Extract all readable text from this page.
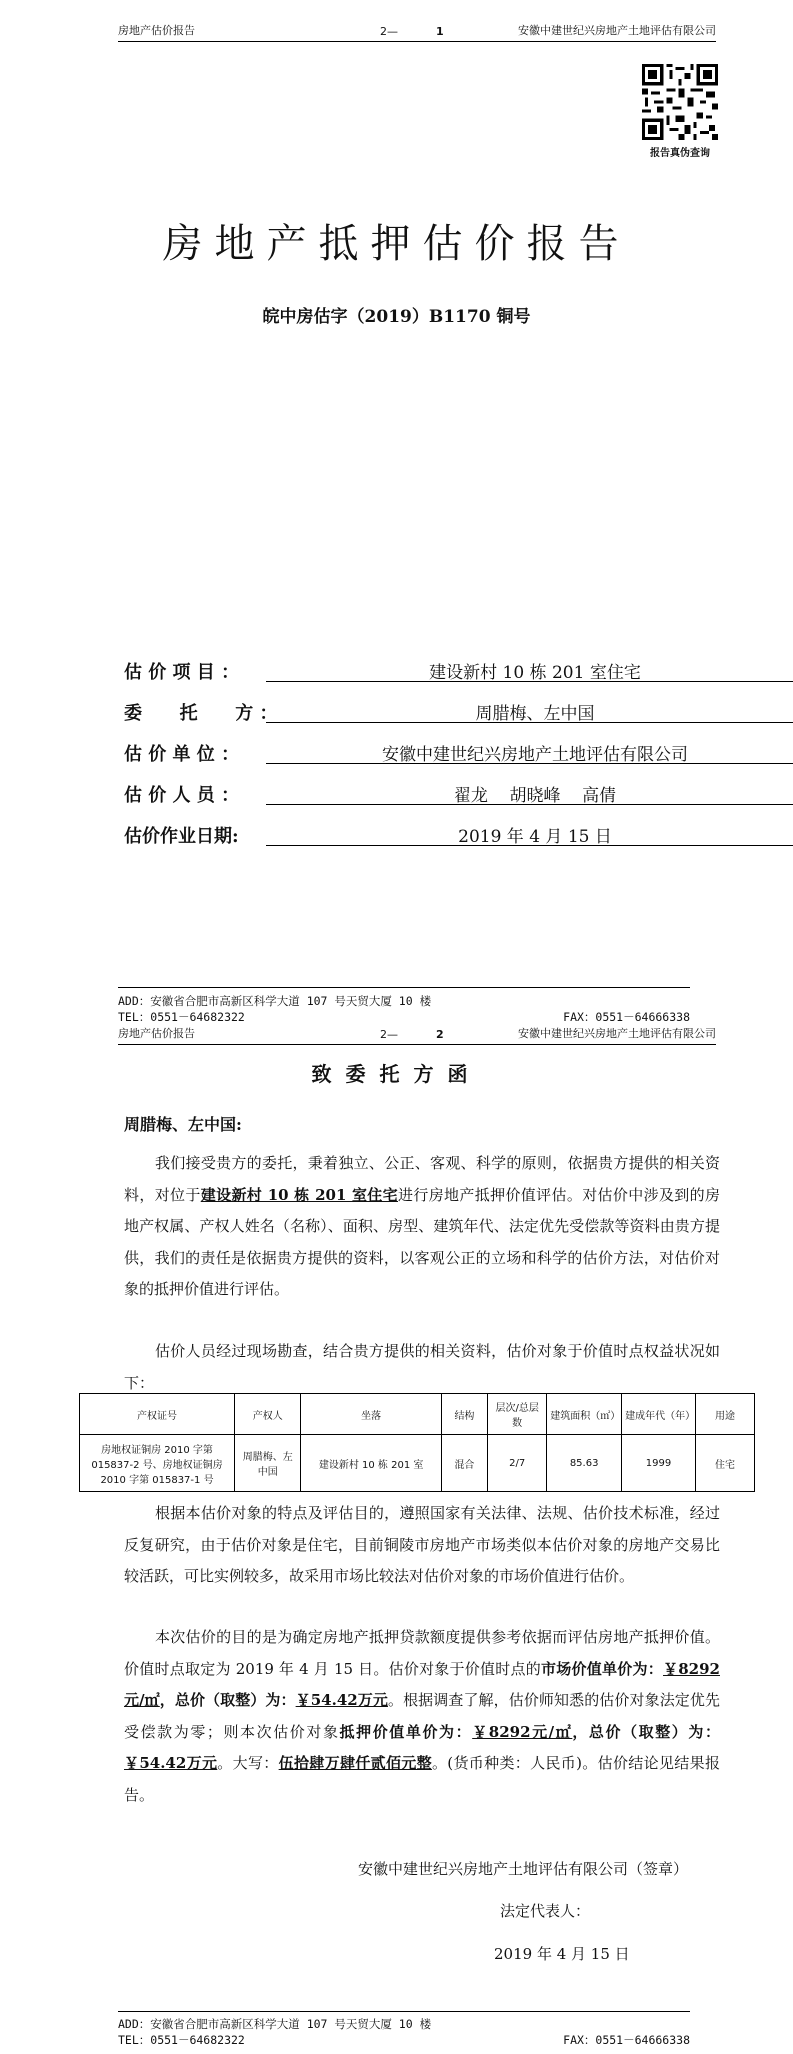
房地产估价报告	2—	1	安徽中建世纪兴房地产土地评估有限公司
报告真伪查询
房地产抵押估价报告
皖中房估字（2019）B1170 铜号
估 价 项 目 ：	建设新村 10 栋 201 室住宅
委      托      方 ：	周腊梅、左中国
估 价 单 位 ：	安徽中建世纪兴房地产土地评估有限公司
估 价 人 员 ：	翟龙    胡晓峰    高倩
估价作业日期:	2019 年 4 月 15 日
ADD：安徽省合肥市高新区科学大道 107 号天贸大厦 10 楼
TEL：0551－64682322	FAX：0551－64666338
房地产估价报告	2—	2	安徽中建世纪兴房地产土地评估有限公司
致委托方函
周腊梅、左中国:

我们接受贵方的委托，秉着独立、公正、客观、科学的原则，依据贵方提供的相关资料，对位于建设新村 10 栋 201 室住宅进行房地产抵押价值评估。对估价中涉及到的房地产权属、产权人姓名（名称）、面积、房型、建筑年代、法定优先受偿款等资料由贵方提供，我们的责任是依据贵方提供的资料，以客观公正的立场和科学的估价方法，对估价对象的抵押价值进行评估。

估价人员经过现场勘查，结合贵方提供的相关资料，估价对象于价值时点权益状况如下：

产权证号	产权人	坐落	结构	层次/总层数	建筑面积（㎡）	建成年代（年）	用途
房地权证铜房 2010 字第 015837-2 号、房地权证铜房 2010 字第 015837-1 号	周腊梅、左中国	建设新村 10 栋 201 室	混合	2/7	85.63	1999	住宅

根据本估价对象的特点及评估目的，遵照国家有关法律、法规、估价技术标准，经过反复研究，由于估价对象是住宅，目前铜陵市房地产市场类似本估价对象的房地产交易比较活跃，可比实例较多，故采用市场比较法对估价对象的市场价值进行估价。

本次估价的目的是为确定房地产抵押贷款额度提供参考依据而评估房地产抵押价值。价值时点取定为 2019 年 4 月 15 日。估价对象于价值时点的市场价值单价为：￥8292元/㎡，总价（取整）为：￥54.42万元。根据调查了解，估价师知悉的估价对象法定优先受偿款为零；则本次估价对象抵押价值单价为：￥8292元/㎡，总价（取整）为：￥54.42万元。大写：伍拾肆万肆仟贰佰元整。(货币种类：人民币)。估价结论见结果报告。

安徽中建世纪兴房地产土地评估有限公司（签章）
法定代表人：
2019 年 4 月 15 日
ADD：安徽省合肥市高新区科学大道 107 号天贸大厦 10 楼
TEL：0551－64682322	FAX：0551－64666338
